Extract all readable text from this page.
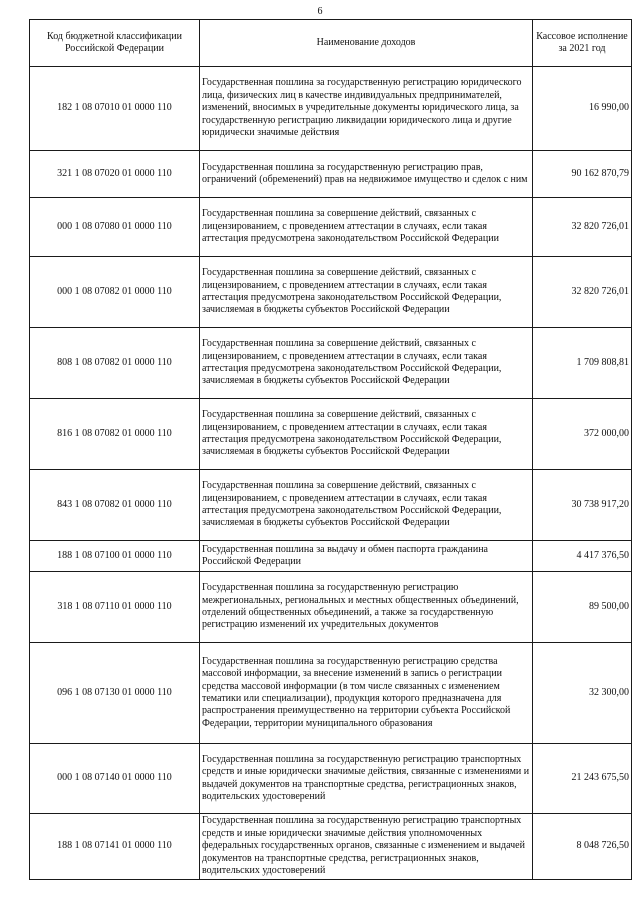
6
Код бюджетной классификации Российской Федерации	Наименование доходов	Кассовое исполнение за 2021 год
182 1 08 07010 01 0000 110	Государственная пошлина за государственную регистрацию юридического лица, физических лиц в качестве индивидуальных предпринимателей, изменений, вносимых в учредительные документы юридического лица, за государственную регистрацию ликвидации юридического лица и другие юридически значимые действия	16 990,00
321 1 08 07020 01 0000 110	Государственная пошлина за государственную регистрацию прав, ограничений (обременений) прав на недвижимое имущество и сделок с ним	90 162 870,79
000 1 08 07080 01 0000 110	Государственная пошлина за совершение действий, связанных с лицензированием, с проведением аттестации в случаях, если такая аттестация предусмотрена законодательством Российской Федерации	32 820 726,01
000 1 08 07082 01 0000 110	Государственная пошлина за совершение действий, связанных с лицензированием, с проведением аттестации в случаях, если такая аттестация предусмотрена законодательством Российской Федерации, зачисляемая в бюджеты субъектов Российской Федерации	32 820 726,01
808 1 08 07082 01 0000 110	Государственная пошлина за совершение действий, связанных с лицензированием, с проведением аттестации в случаях, если такая аттестация предусмотрена законодательством Российской Федерации, зачисляемая в бюджеты субъектов Российской Федерации	1 709 808,81
816 1 08 07082 01 0000 110	Государственная пошлина за совершение действий, связанных с лицензированием, с проведением аттестации в случаях, если такая аттестация предусмотрена законодательством Российской Федерации, зачисляемая в бюджеты субъектов Российской Федерации	372 000,00
843 1 08 07082 01 0000 110	Государственная пошлина за совершение действий, связанных с лицензированием, с проведением аттестации в случаях, если такая аттестация предусмотрена законодательством Российской Федерации, зачисляемая в бюджеты субъектов Российской Федерации	30 738 917,20
188 1 08 07100 01 0000 110	Государственная пошлина за выдачу и обмен паспорта гражданина Российской Федерации	4 417 376,50
318 1 08 07110 01 0000 110	Государственная пошлина за государственную регистрацию межрегиональных, региональных и местных общественных объединений, отделений общественных объединений, а также за государственную регистрацию изменений их учредительных документов	89 500,00
096 1 08 07130 01 0000 110	Государственная пошлина за государственную регистрацию средства массовой информации, за внесение изменений в запись о регистрации средства массовой информации (в том числе связанных с изменением тематики или специализации), продукция которого предназначена для распространения преимущественно на территории субъекта Российской Федерации, территории муниципального образования	32 300,00
000 1 08 07140 01 0000 110	Государственная пошлина за государственную регистрацию транспортных средств и иные юридически значимые действия, связанные с изменениями и выдачей документов на транспортные средства, регистрационных знаков, водительских удостоверений	21 243 675,50
188 1 08 07141 01 0000 110	Государственная пошлина за государственную регистрацию транспортных средств и иные юридически значимые действия уполномоченных федеральных государственных органов, связанные с изменением и выдачей документов на транспортные средства, регистрационных знаков, водительских удостоверений	8 048 726,50
